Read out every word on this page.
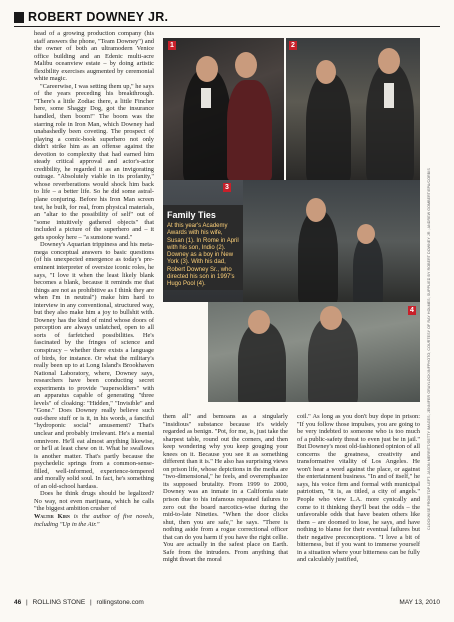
ROBERT DOWNEY JR.

head of a growing production company (his staff answers the phone, "Team Downey") and the owner of both an ultramodern Venice office building and an Edenic multi-acre Malibu oceanview estate – by doing artistic flexibility exercises augmented by ceremonial white magic.

"Careerwise, I was setting them up," he says of the years preceding his breakthrough. "There's a little Zodiac there, a little Fincher here, some Shaggy Dog, got the insurance handled, then boom!" The boom was the starring role in Iron Man, which Downey had unabashedly been coveting. The prospect of playing a comic-book superhero not only didn't strike him as an offense against the devotion to complexity that had earned him steady critical approval and actor's-actor credibility, he regarded it as an invigorating outrage. "Absolutely viable in its profanity," whose reverberations would shock him back to life – a better life. So he did some astral-plane conjuring. Before his Iron Man screen test, he built, for real, from physical materials, an "altar to the possibility of self" out of "some intuitively gathered objects" that included a picture of the superhero and – it gets spooky here – "a sunstone wand."

Downey's Aquarian trippiness and his meta-mega conceptual answers to basic questions (of his unexpected emergence as today's pre-eminent interpreter of oversize iconic roles, he says, "I love it when the least likely blank becomes a blank, because it reminds me that things are not as prohibitive as I think they are when I'm in neutral") make him hard to interview in any conventional, structured way, but they also make him a joy to bullshit with. Downey has the kind of mind whose doors of perception are always unlatched, open to all sorts of farfetched possibilities. He's fascinated by the fringes of science and conspiracy – whether there exists a language of birds, for instance. Or what the military's really been up to at Long Island's Brookhaven National Laboratory, where, Downey says, researchers have been conducting secret experiments to provide "supersoldiers" with an apparatus capable of generating "three levels" of cloaking: "Hidden," "Invisible" and "Gone." Does Downey really believe such out-there stuff or is it, in his words, a fanciful "hydroponic social" amusement? That's unclear and probably irrelevant. He's a mental omnivore. He'll eat almost anything likewise, or he'll at least chew on it. What he swallows is another matter. That's partly because the psychedelic springs from a common-sense-filled, well-informed, experience-tempered and morally solid soul. In fact, he's something of an old-school hardass.

Does he think drugs should be legalized? No way, not even marijuana, which he calls "the biggest ambition crusher of

Walter Kirn is the author of five novels, including "Up in the Air."

Family Ties
At this year's Academy Awards with his wife, Susan (1). In Rome in April with his son, Indio (2). Downey as a boy in New York (3). With his dad, Robert Downey Sr., who directed his son in 1997's Hugo Pool (4).
1	2
3
4
them all" and bemoans as a singularly "insidious" substance because it's widely regarded as benign. "Pot, for me, is, just take the sharpest table, round out the corners, and then keep wondering why you keep gouging your knees on it. Because you see it as something different than it is." He also has surprising views on prison life, whose depictions in the media are "two-dimensional," he feels, and overemphasize its supposed brutality. From 1999 to 2000, Downey was an inmate in a California state prison due to his infamous repeated failures to zero out the board narcotics-wise during the mid-to-late Nineties. "When the door clicks shut, then you are safe," he says. "There is nothing aside from a rogue correctional officer that can do you harm if you have the right cellie. You are actually in the safest place on Earth. Safe from the intruders. From anything that might thwart the moral
coil." As long as you don't buy dope in prison: "If you follow those impulses, you are going to be very indebted to someone who is too much of a public-safety threat to even just be in jail." But Downey's most old-fashioned opinion of all concerns the greatness, creativity and transformative vitality of Los Angeles. He won't hear a word against the place, or against the entertainment business. "In and of itself," he says, his voice firm and formal with municipal patriotism, "it is, as titled, a city of angels." People who view L.A. more cynically and come to it thinking they'll beat the odds – the unfavorable odds that have beaten others like them – are doomed to lose, he says, and have nothing to blame for their eventual failures but their negative preconceptions. "I love a bit of bitterness, but if you want to immerse yourself in a situation where your bitterness can be fully and calculably justified,
CLOCKWISE FROM TOP LEFT: JASON MERRITT/GETTY IMAGES; JENNIFER GRAYLOCK/INFPHOTO; COURTESY OF RAY HOLMES; SUPPLIED BY ROBERT DOWNEY JR.; ANDREW GOMBERT/EPA/CORBIS
46 | ROLLING STONE | rollingstone.com	MAY 13, 2010
